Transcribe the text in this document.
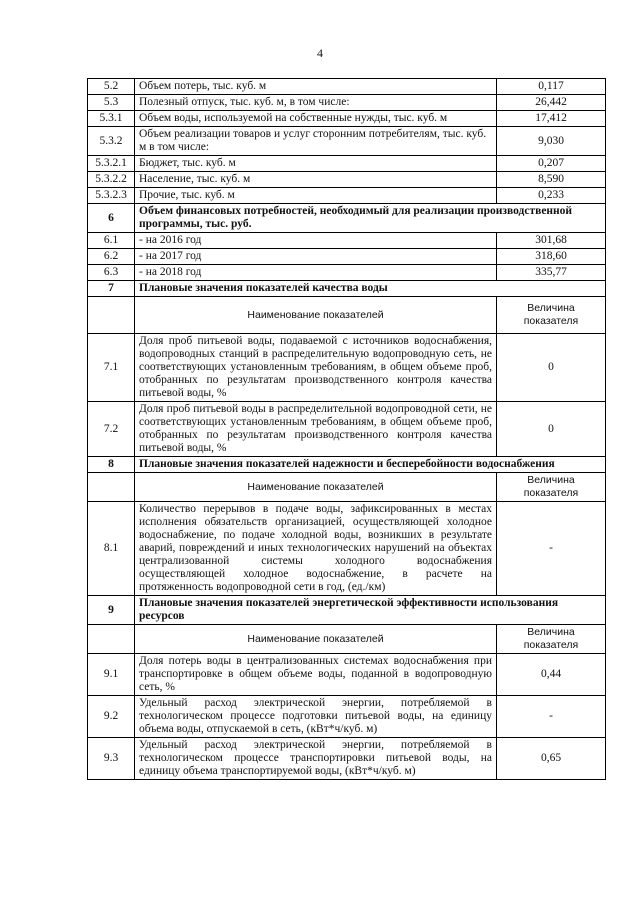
4
5.2	Объем потерь, тыс. куб. м	0,117
5.3	Полезный отпуск, тыс. куб. м, в том числе:	26,442
5.3.1	Объем воды, используемой на собственные нужды, тыс. куб. м	17,412
5.3.2	Объем реализации товаров и услуг сторонним потребителям, тыс. куб. м в том числе:	9,030
5.3.2.1	Бюджет, тыс. куб. м	0,207
5.3.2.2	Население, тыс. куб. м	8,590
5.3.2.3	Прочие, тыс. куб. м	0,233
6	Объем финансовых потребностей, необходимый для реализации производственной программы, тыс. руб.	
6.1	- на 2016 год	301,68
6.2	- на 2017 год	318,60
6.3	- на 2018 год	335,77
7	Плановые значения показателей качества воды	
	Наименование показателей	Величина показателя
7.1	Доля проб питьевой воды, подаваемой с источников водоснабжения, водопроводных станций в распределительную водопроводную сеть, не соответствующих установленным требованиям, в общем объеме проб, отобранных по результатам производственного контроля качества питьевой воды, %	0
7.2	Доля проб питьевой воды в распределительной водопроводной сети, не соответствующих установленным требованиям, в общем объеме проб, отобранных по результатам производственного контроля качества питьевой воды, %	0
8	Плановые значения показателей надежности и бесперебойности водоснабжения	
	Наименование показателей	Величина показателя
8.1	Количество перерывов в подаче воды, зафиксированных в местах исполнения обязательств организацией, осуществляющей холодное водоснабжение, по подаче холодной воды, возникших в результате аварий, повреждений и иных технологических нарушений на объектах централизованной системы холодного водоснабжения осуществляющей холодное водоснабжение, в расчете на протяженность водопроводной сети в год, (ед./км)	-
9	Плановые значения показателей энергетической эффективности использования ресурсов	
	Наименование показателей	Величина показателя
9.1	Доля потерь воды в централизованных системах водоснабжения при транспортировке в общем объеме воды, поданной в водопроводную сеть, %	0,44
9.2	Удельный расход электрической энергии, потребляемой в технологическом процессе подготовки питьевой воды, на единицу объема воды, отпускаемой в сеть, (кВт*ч/куб. м)	-
9.3	Удельный расход электрической энергии, потребляемой в технологическом процессе транспортировки питьевой воды, на единицу объема транспортируемой воды, (кВт*ч/куб. м)	0,65
